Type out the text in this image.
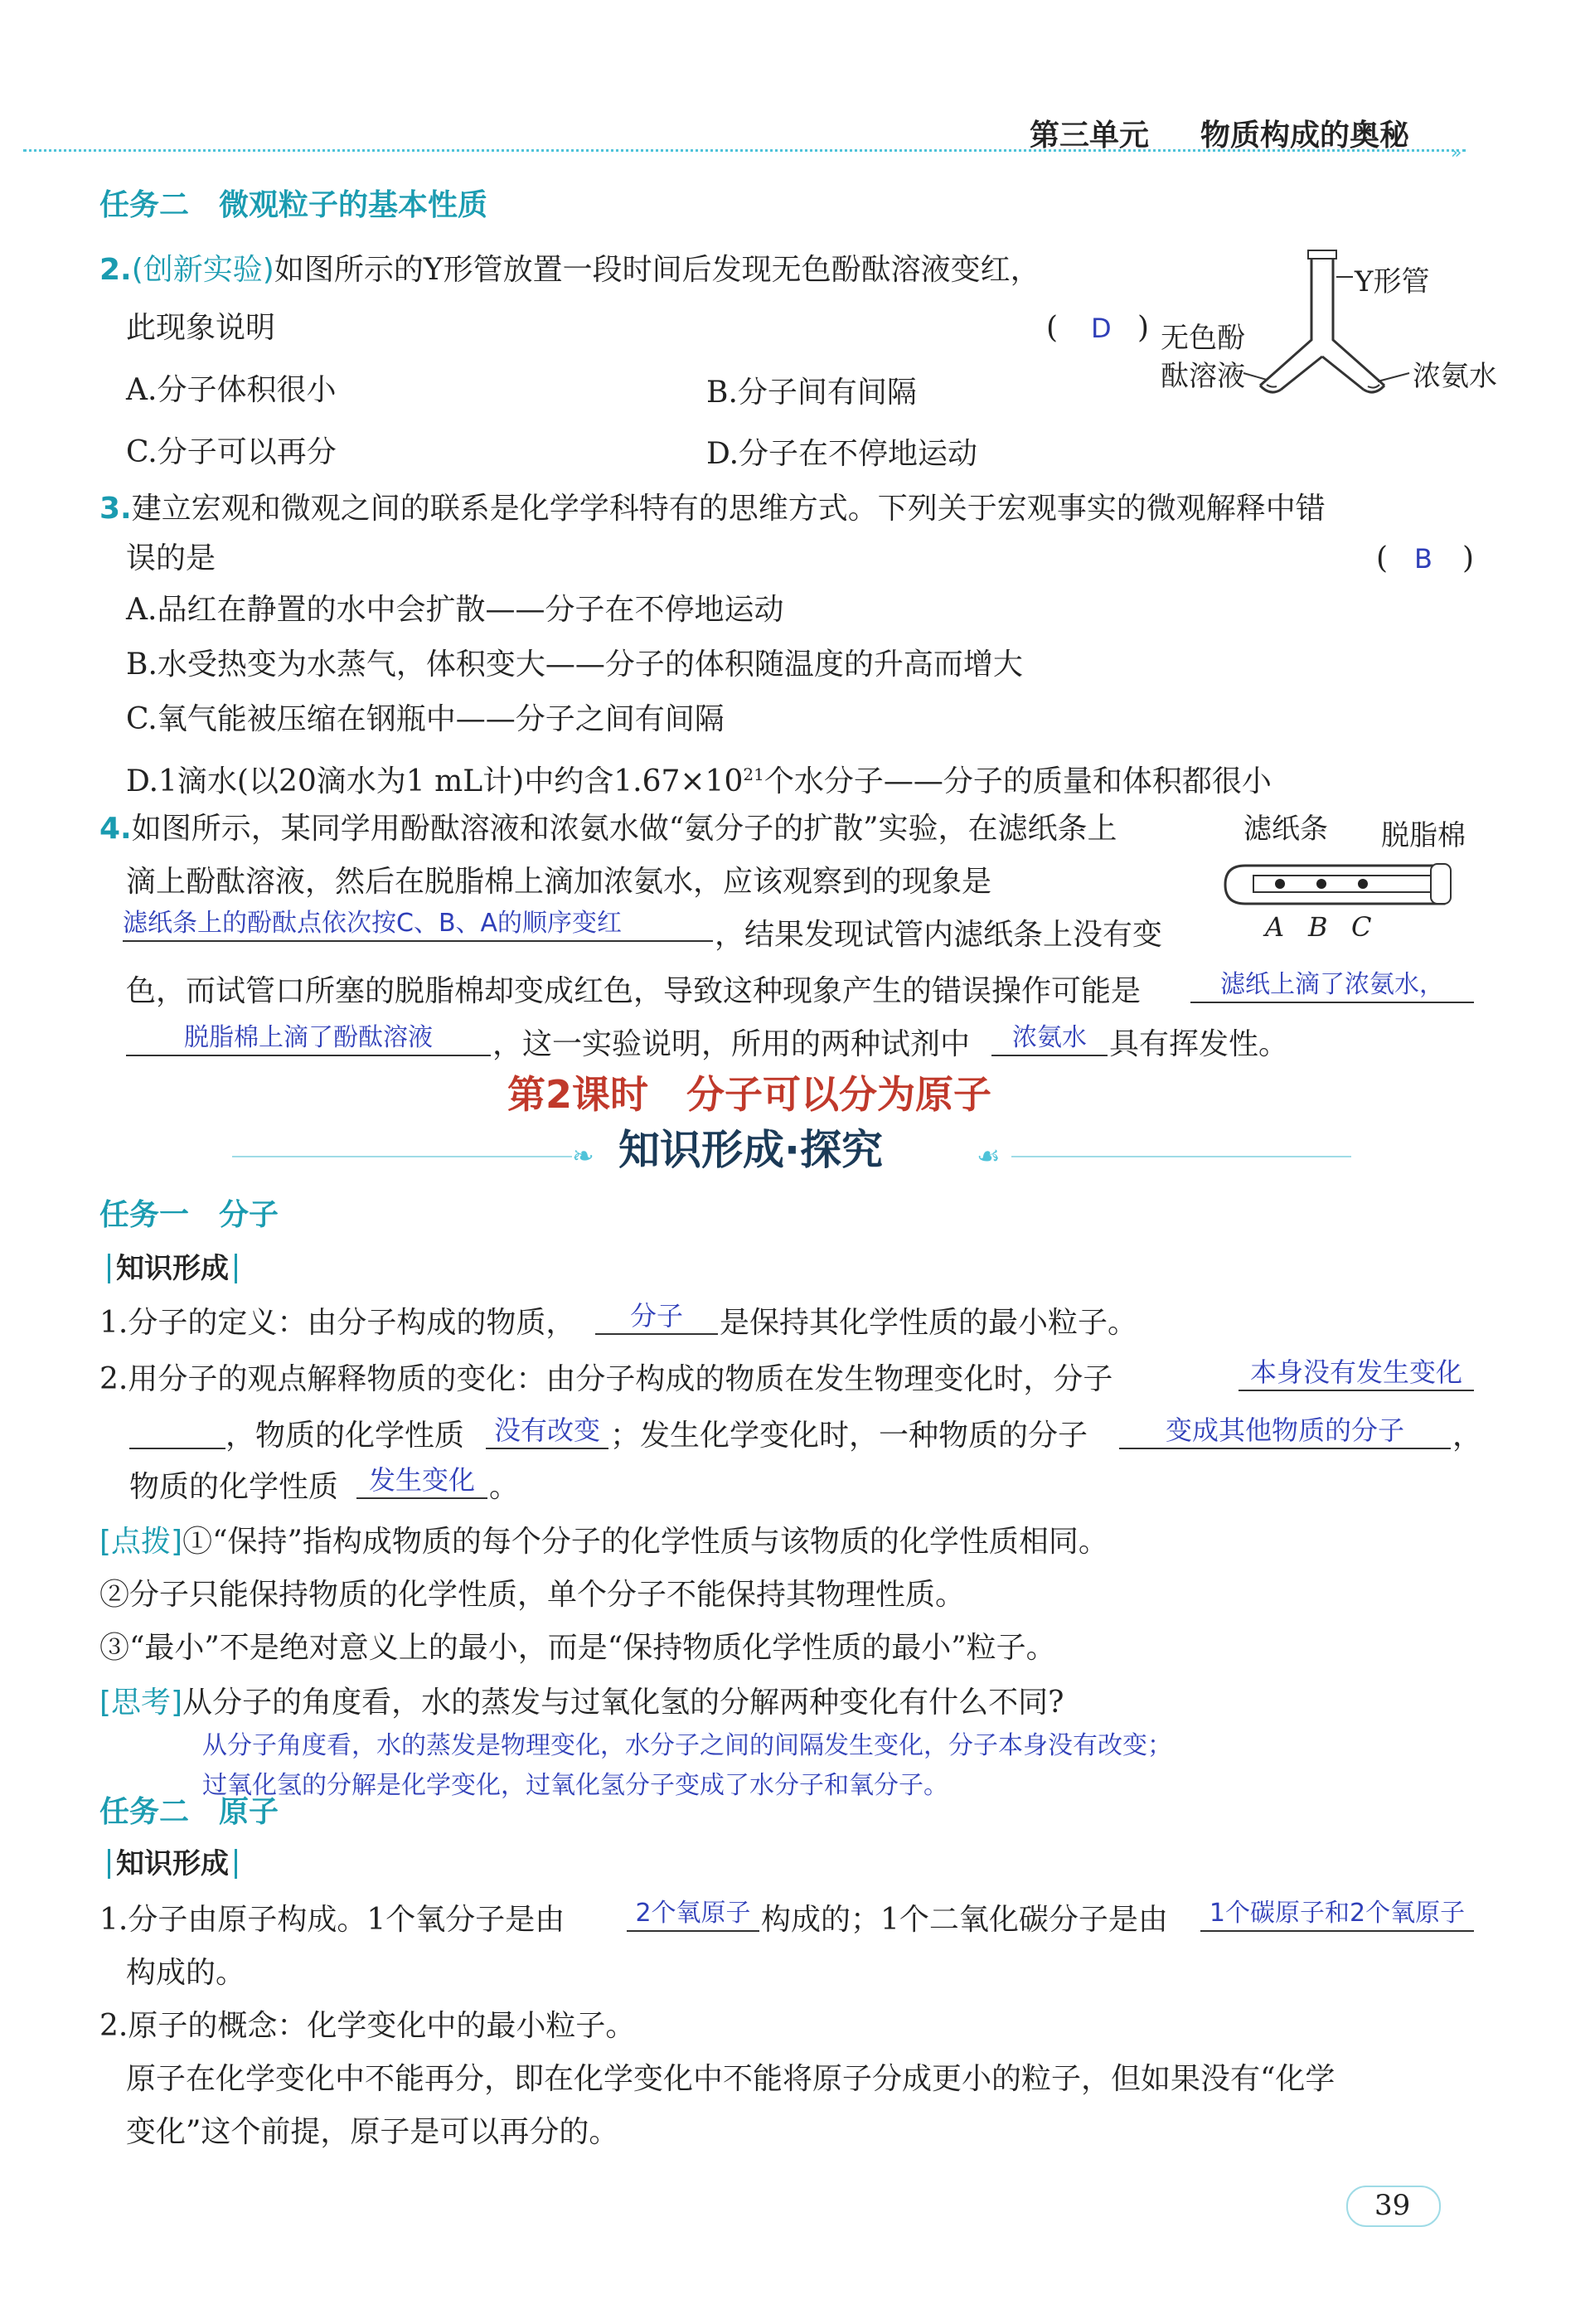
»
第三单元 物质构成的奥秘
任务二　微观粒子的基本性质
2.(创新实验)如图所示的Y形管放置一段时间后发现无色酚酞溶液变红，
此现象说明	( D )
A.分子体积很小	B.分子间有间隔
C.分子可以再分	D.分子在不停地运动
Y形管
无色酚
酞溶液	浓氨水
3.建立宏观和微观之间的联系是化学学科特有的思维方式。下列关于宏观事实的微观解释中错
误的是	( B )
A.品红在静置的水中会扩散——分子在不停地运动
B.水受热变为水蒸气，体积变大——分子的体积随温度的升高而增大
C.氧气能被压缩在钢瓶中——分子之间有间隔
D.1滴水(以20滴水为1 mL计)中约含$1.67\times 10^{21}$个水分子——分子的质量和体积都很小
4.如图所示，某同学用酚酞溶液和浓氨水做“氨分子的扩散”实验，在滤纸条上
滴上酚酞溶液，然后在脱脂棉上滴加浓氨水，应该观察到的现象是
滤纸条上的酚酞点依次按C、B、A的顺序变红	，结果发现试管内滤纸条上没有变
色，而试管口所塞的脱脂棉却变成红色，导致这种现象产生的错误操作可能是	滤纸上滴了浓氨水，
脱脂棉上滴了酚酞溶液	，这一实验说明，所用的两种试剂中	浓氨水 具有挥发性。
滤纸条 脱脂棉
A B C
第2课时　分子可以分为原子
❧	☙
知识形成·探究
任务一　分子
知识形成
1.分子的定义：由分子构成的物质，	分子	是保持其化学性质的最小粒子。
2.用分子的观点解释物质的变化：由分子构成的物质在发生物理变化时，分子	本身没有发生变化
，物质的化学性质	没有改变 ；发生化学变化时，一种物质的分子	变成其他物质的分子	，
物质的化学性质	发生变化 。
[点拨]①“保持”指构成物质的每个分子的化学性质与该物质的化学性质相同。
②分子只能保持物质的化学性质，单个分子不能保持其物理性质。
③“最小”不是绝对意义上的最小，而是“保持物质化学性质的最小”粒子。
[思考]从分子的角度看，水的蒸发与过氧化氢的分解两种变化有什么不同?
从分子角度看，水的蒸发是物理变化，水分子之间的间隔发生变化，分子本身没有改变；
过氧化氢的分解是化学变化，过氧化氢分子变成了水分子和氧分子。
任务二　原子
知识形成
1.分子由原子构成。1个氧分子是由	2个氧原子 构成的；1个二氧化碳分子是由	1个碳原子和2个氧原子
构成的。
2.原子的概念：化学变化中的最小粒子。
原子在化学变化中不能再分，即在化学变化中不能将原子分成更小的粒子，但如果没有“化学
变化”这个前提，原子是可以再分的。
39
